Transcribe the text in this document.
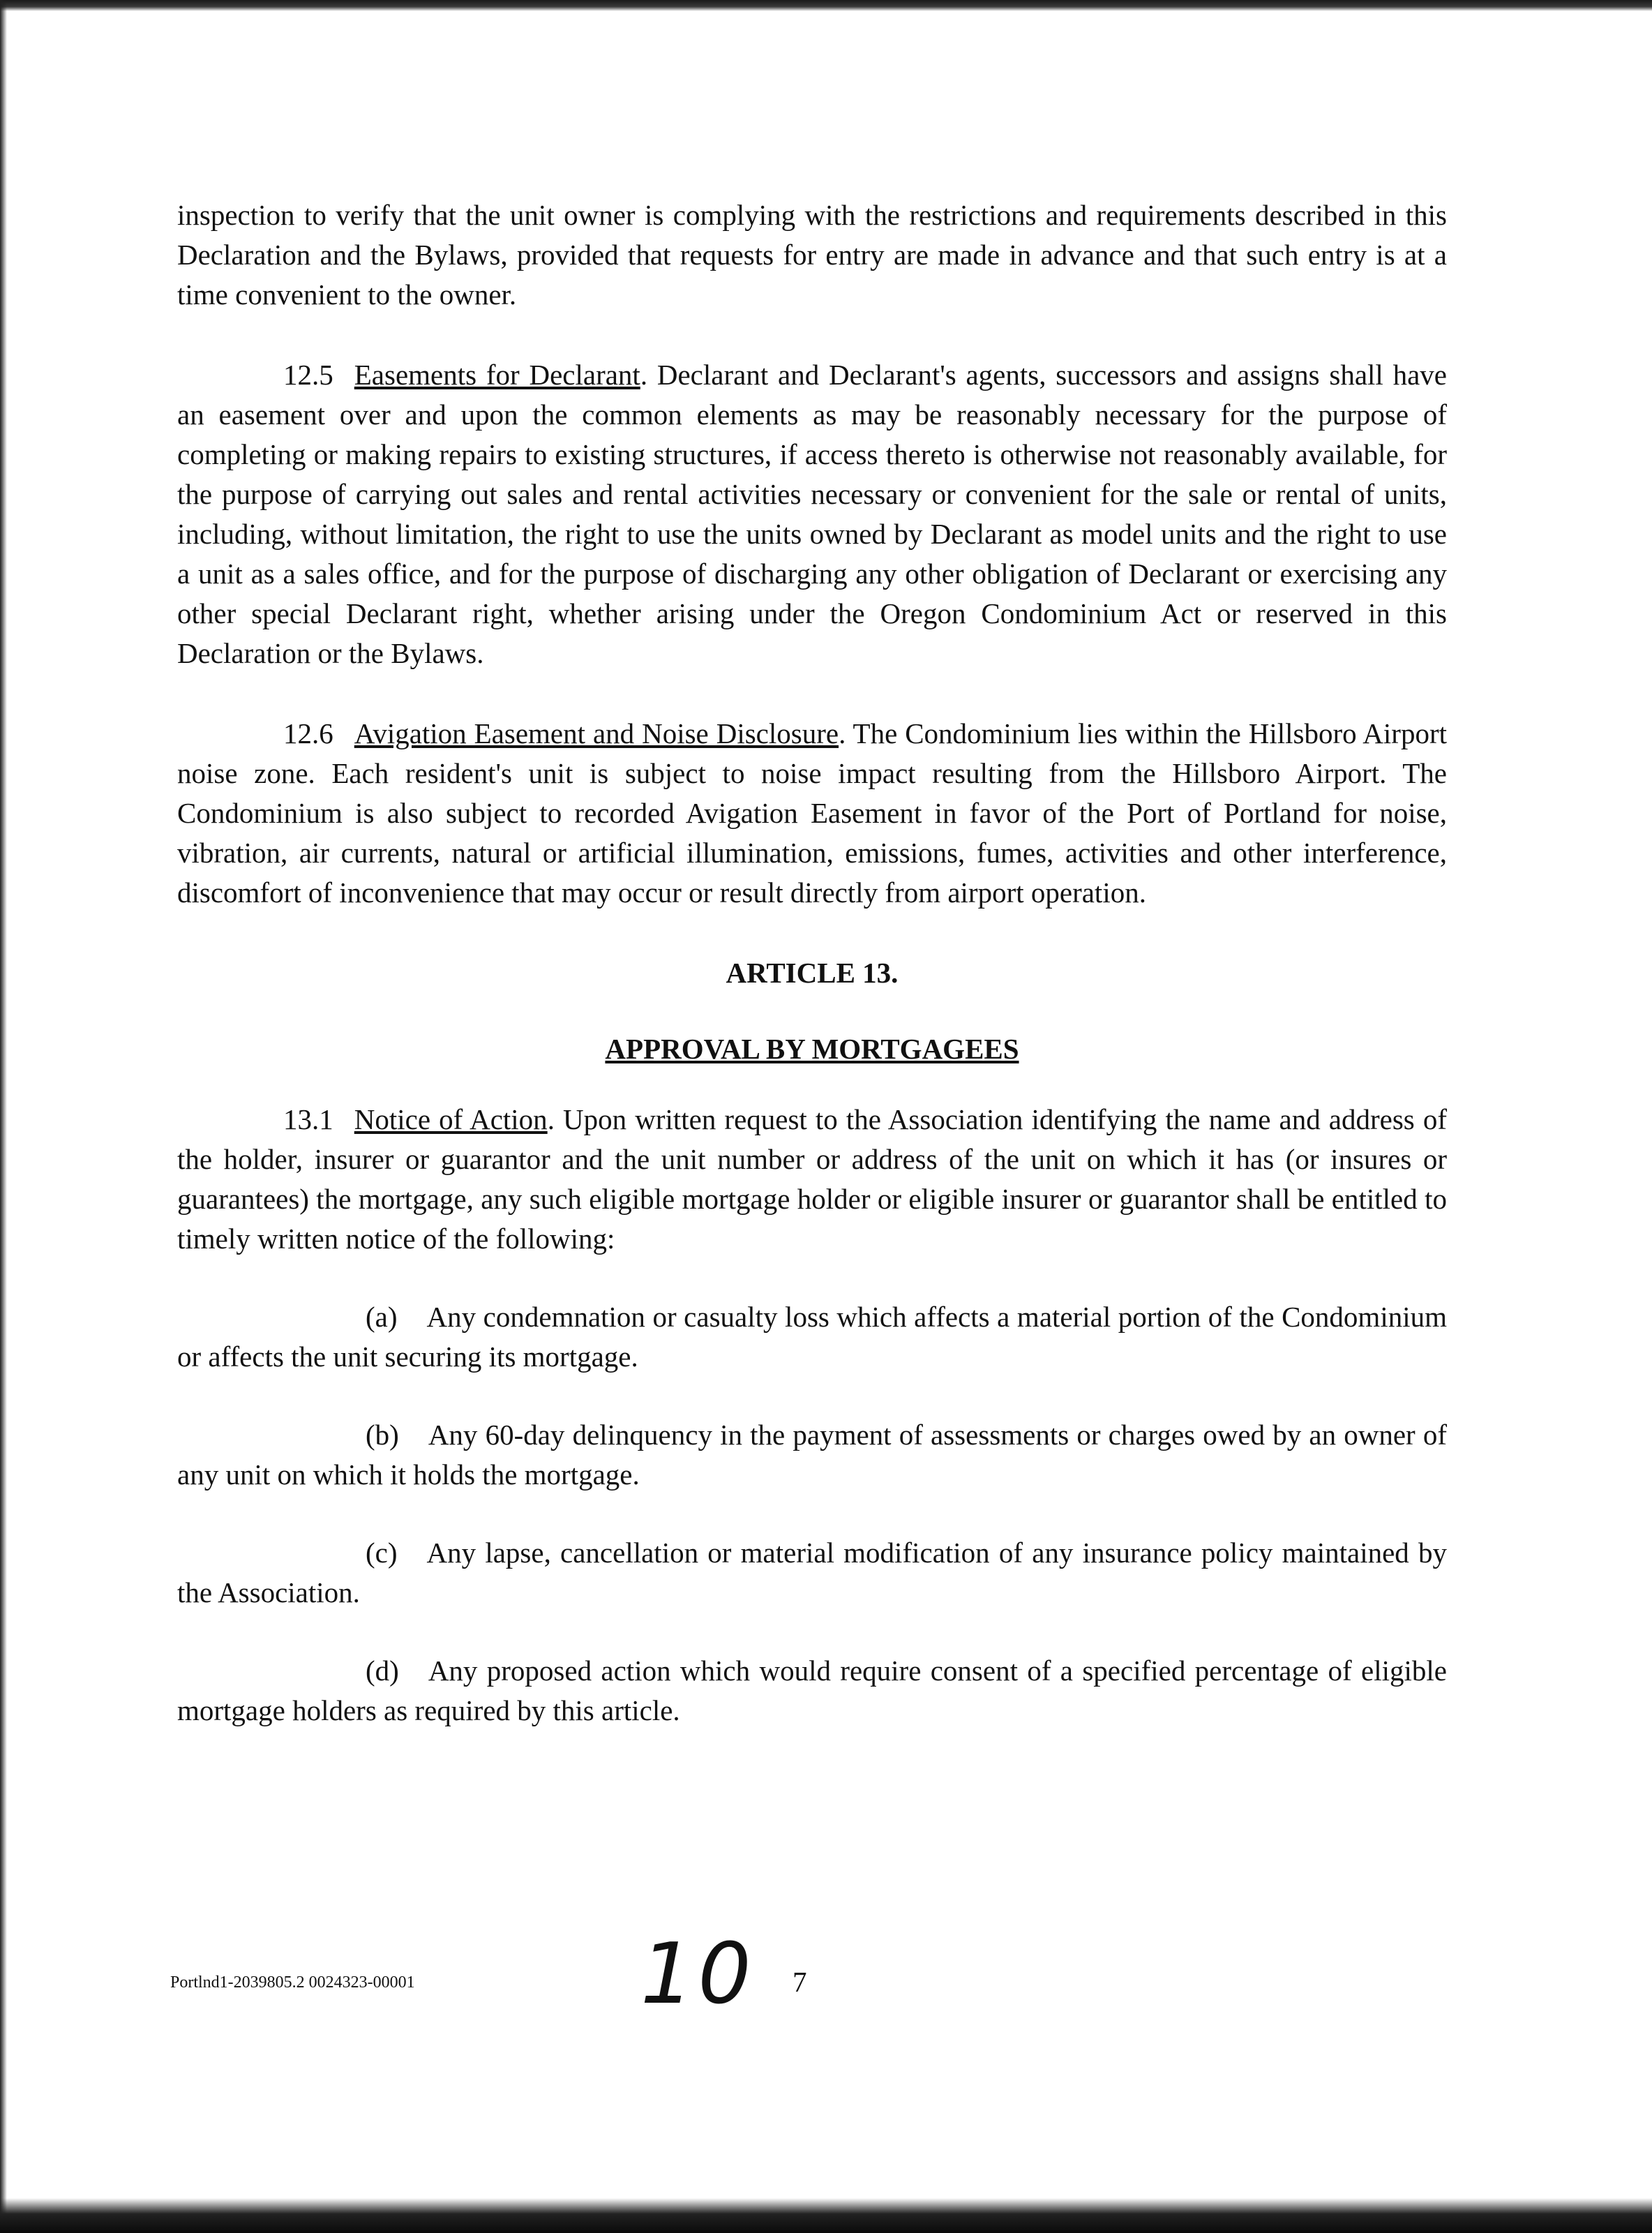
inspection to verify that the unit owner is complying with the restrictions and requirements described in this Declaration and the Bylaws, provided that requests for entry are made in advance and that such entry is at a time convenient to the owner.

12.5 Easements for Declarant. Declarant and Declarant's agents, successors and assigns shall have an easement over and upon the common elements as may be reasonably necessary for the purpose of completing or making repairs to existing structures, if access thereto is otherwise not reasonably available, for the purpose of carrying out sales and rental activities necessary or convenient for the sale or rental of units, including, without limitation, the right to use the units owned by Declarant as model units and the right to use a unit as a sales office, and for the purpose of discharging any other obligation of Declarant or exercising any other special Declarant right, whether arising under the Oregon Condominium Act or reserved in this Declaration or the Bylaws.

12.6 Avigation Easement and Noise Disclosure. The Condominium lies within the Hillsboro Airport noise zone. Each resident's unit is subject to noise impact resulting from the Hillsboro Airport. The Condominium is also subject to recorded Avigation Easement in favor of the Port of Portland for noise, vibration, air currents, natural or artificial illumination, emissions, fumes, activities and other interference, discomfort of inconvenience that may occur or result directly from airport operation.

ARTICLE 13.

APPROVAL BY MORTGAGEES

13.1 Notice of Action. Upon written request to the Association identifying the name and address of the holder, insurer or guarantor and the unit number or address of the unit on which it has (or insures or guarantees) the mortgage, any such eligible mortgage holder or eligible insurer or guarantor shall be entitled to timely written notice of the following:

(a) Any condemnation or casualty loss which affects a material portion of the Condominium or affects the unit securing its mortgage.

(b) Any 60-day delinquency in the payment of assessments or charges owed by an owner of any unit on which it holds the mortgage.

(c) Any lapse, cancellation or material modification of any insurance policy maintained by the Association.

(d) Any proposed action which would require consent of a specified percentage of eligible mortgage holders as required by this article.

Portlnd1-2039805.2 0024323-00001	10 7
